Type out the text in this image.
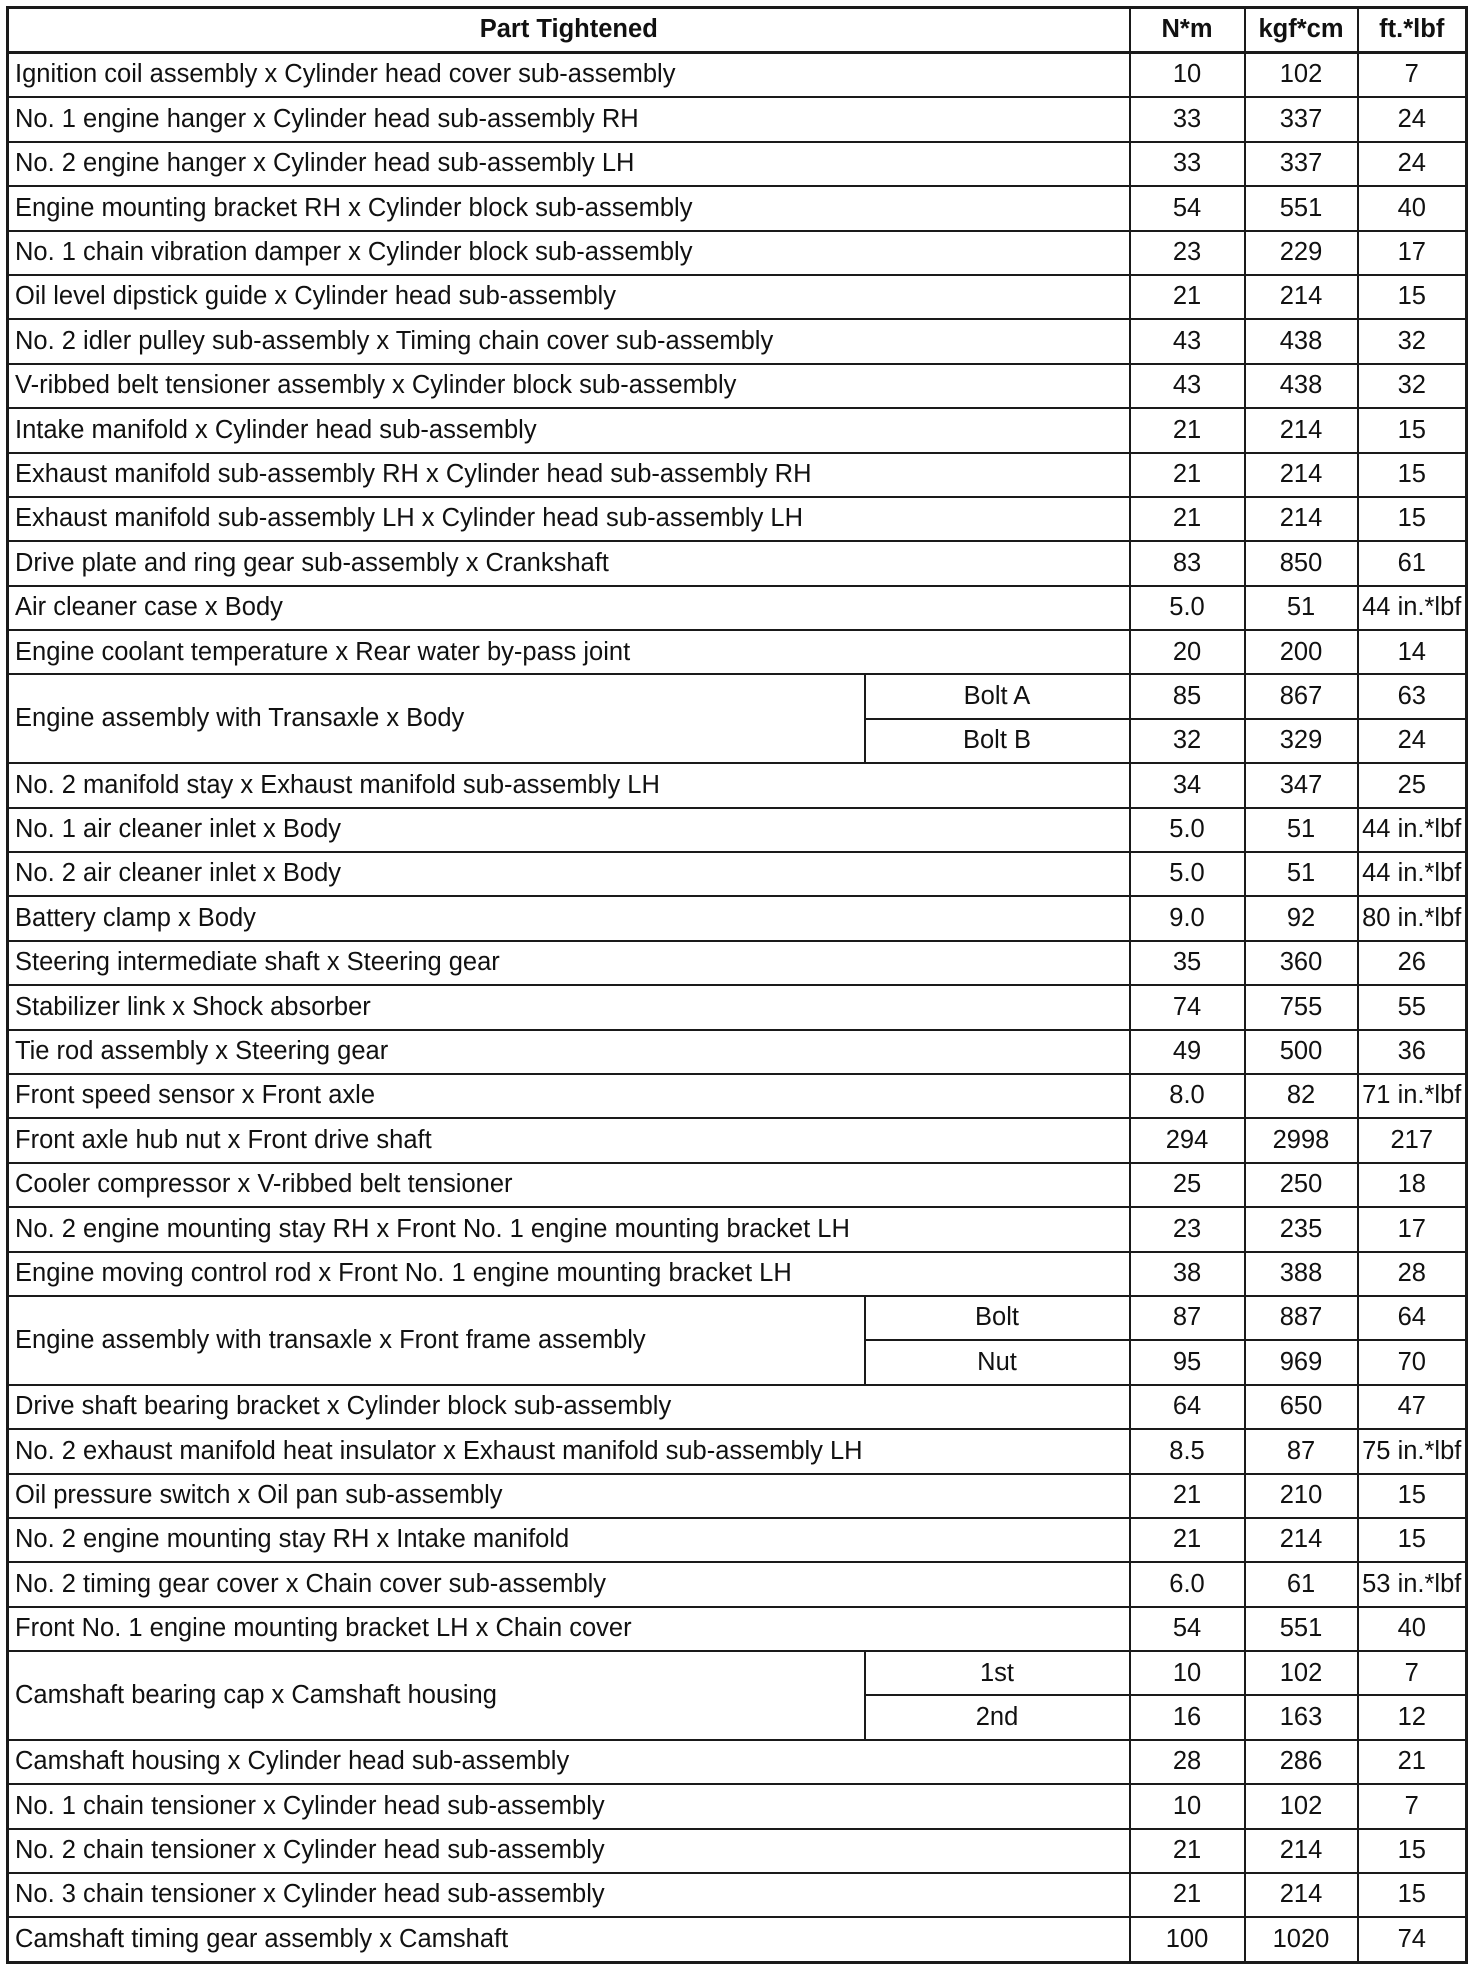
Part Tightened		N*m	kgf*cm	ft.*lbf
Ignition coil assembly x Cylinder head cover sub-assembly		10	102	7
No. 1 engine hanger x Cylinder head sub-assembly RH		33	337	24
No. 2 engine hanger x Cylinder head sub-assembly LH		33	337	24
Engine mounting bracket RH x Cylinder block sub-assembly		54	551	40
No. 1 chain vibration damper x Cylinder block sub-assembly		23	229	17
Oil level dipstick guide x Cylinder head sub-assembly		21	214	15
No. 2 idler pulley sub-assembly x Timing chain cover sub-assembly		43	438	32
V-ribbed belt tensioner assembly x Cylinder block sub-assembly		43	438	32
Intake manifold x Cylinder head sub-assembly		21	214	15
Exhaust manifold sub-assembly RH x Cylinder head sub-assembly RH		21	214	15
Exhaust manifold sub-assembly LH x Cylinder head sub-assembly LH		21	214	15
Drive plate and ring gear sub-assembly x Crankshaft		83	850	61
Air cleaner case x Body		5.0	51	44 in.*lbf
Engine coolant temperature x Rear water by-pass joint		20	200	14
Engine assembly with Transaxle x Body	Bolt A	85	867	63
	Bolt B	32	329	24
No. 2 manifold stay x Exhaust manifold sub-assembly LH		34	347	25
No. 1 air cleaner inlet x Body		5.0	51	44 in.*lbf
No. 2 air cleaner inlet x Body		5.0	51	44 in.*lbf
Battery clamp x Body		9.0	92	80 in.*lbf
Steering intermediate shaft x Steering gear		35	360	26
Stabilizer link x Shock absorber		74	755	55
Tie rod assembly x Steering gear		49	500	36
Front speed sensor x Front axle		8.0	82	71 in.*lbf
Front axle hub nut x Front drive shaft		294	2998	217
Cooler compressor x V-ribbed belt tensioner		25	250	18
No. 2 engine mounting stay RH x Front No. 1 engine mounting bracket LH		23	235	17
Engine moving control rod x Front No. 1 engine mounting bracket LH		38	388	28
Engine assembly with transaxle x Front frame assembly	Bolt	87	887	64
	Nut	95	969	70
Drive shaft bearing bracket x Cylinder block sub-assembly		64	650	47
No. 2 exhaust manifold heat insulator x Exhaust manifold sub-assembly LH		8.5	87	75 in.*lbf
Oil pressure switch x Oil pan sub-assembly		21	210	15
No. 2 engine mounting stay RH x Intake manifold		21	214	15
No. 2 timing gear cover x Chain cover sub-assembly		6.0	61	53 in.*lbf
Front No. 1 engine mounting bracket LH x Chain cover		54	551	40
Camshaft bearing cap x Camshaft housing	1st	10	102	7
	2nd	16	163	12
Camshaft housing x Cylinder head sub-assembly		28	286	21
No. 1 chain tensioner x Cylinder head sub-assembly		10	102	7
No. 2 chain tensioner x Cylinder head sub-assembly		21	214	15
No. 3 chain tensioner x Cylinder head sub-assembly		21	214	15
Camshaft timing gear assembly x Camshaft		100	1020	74
